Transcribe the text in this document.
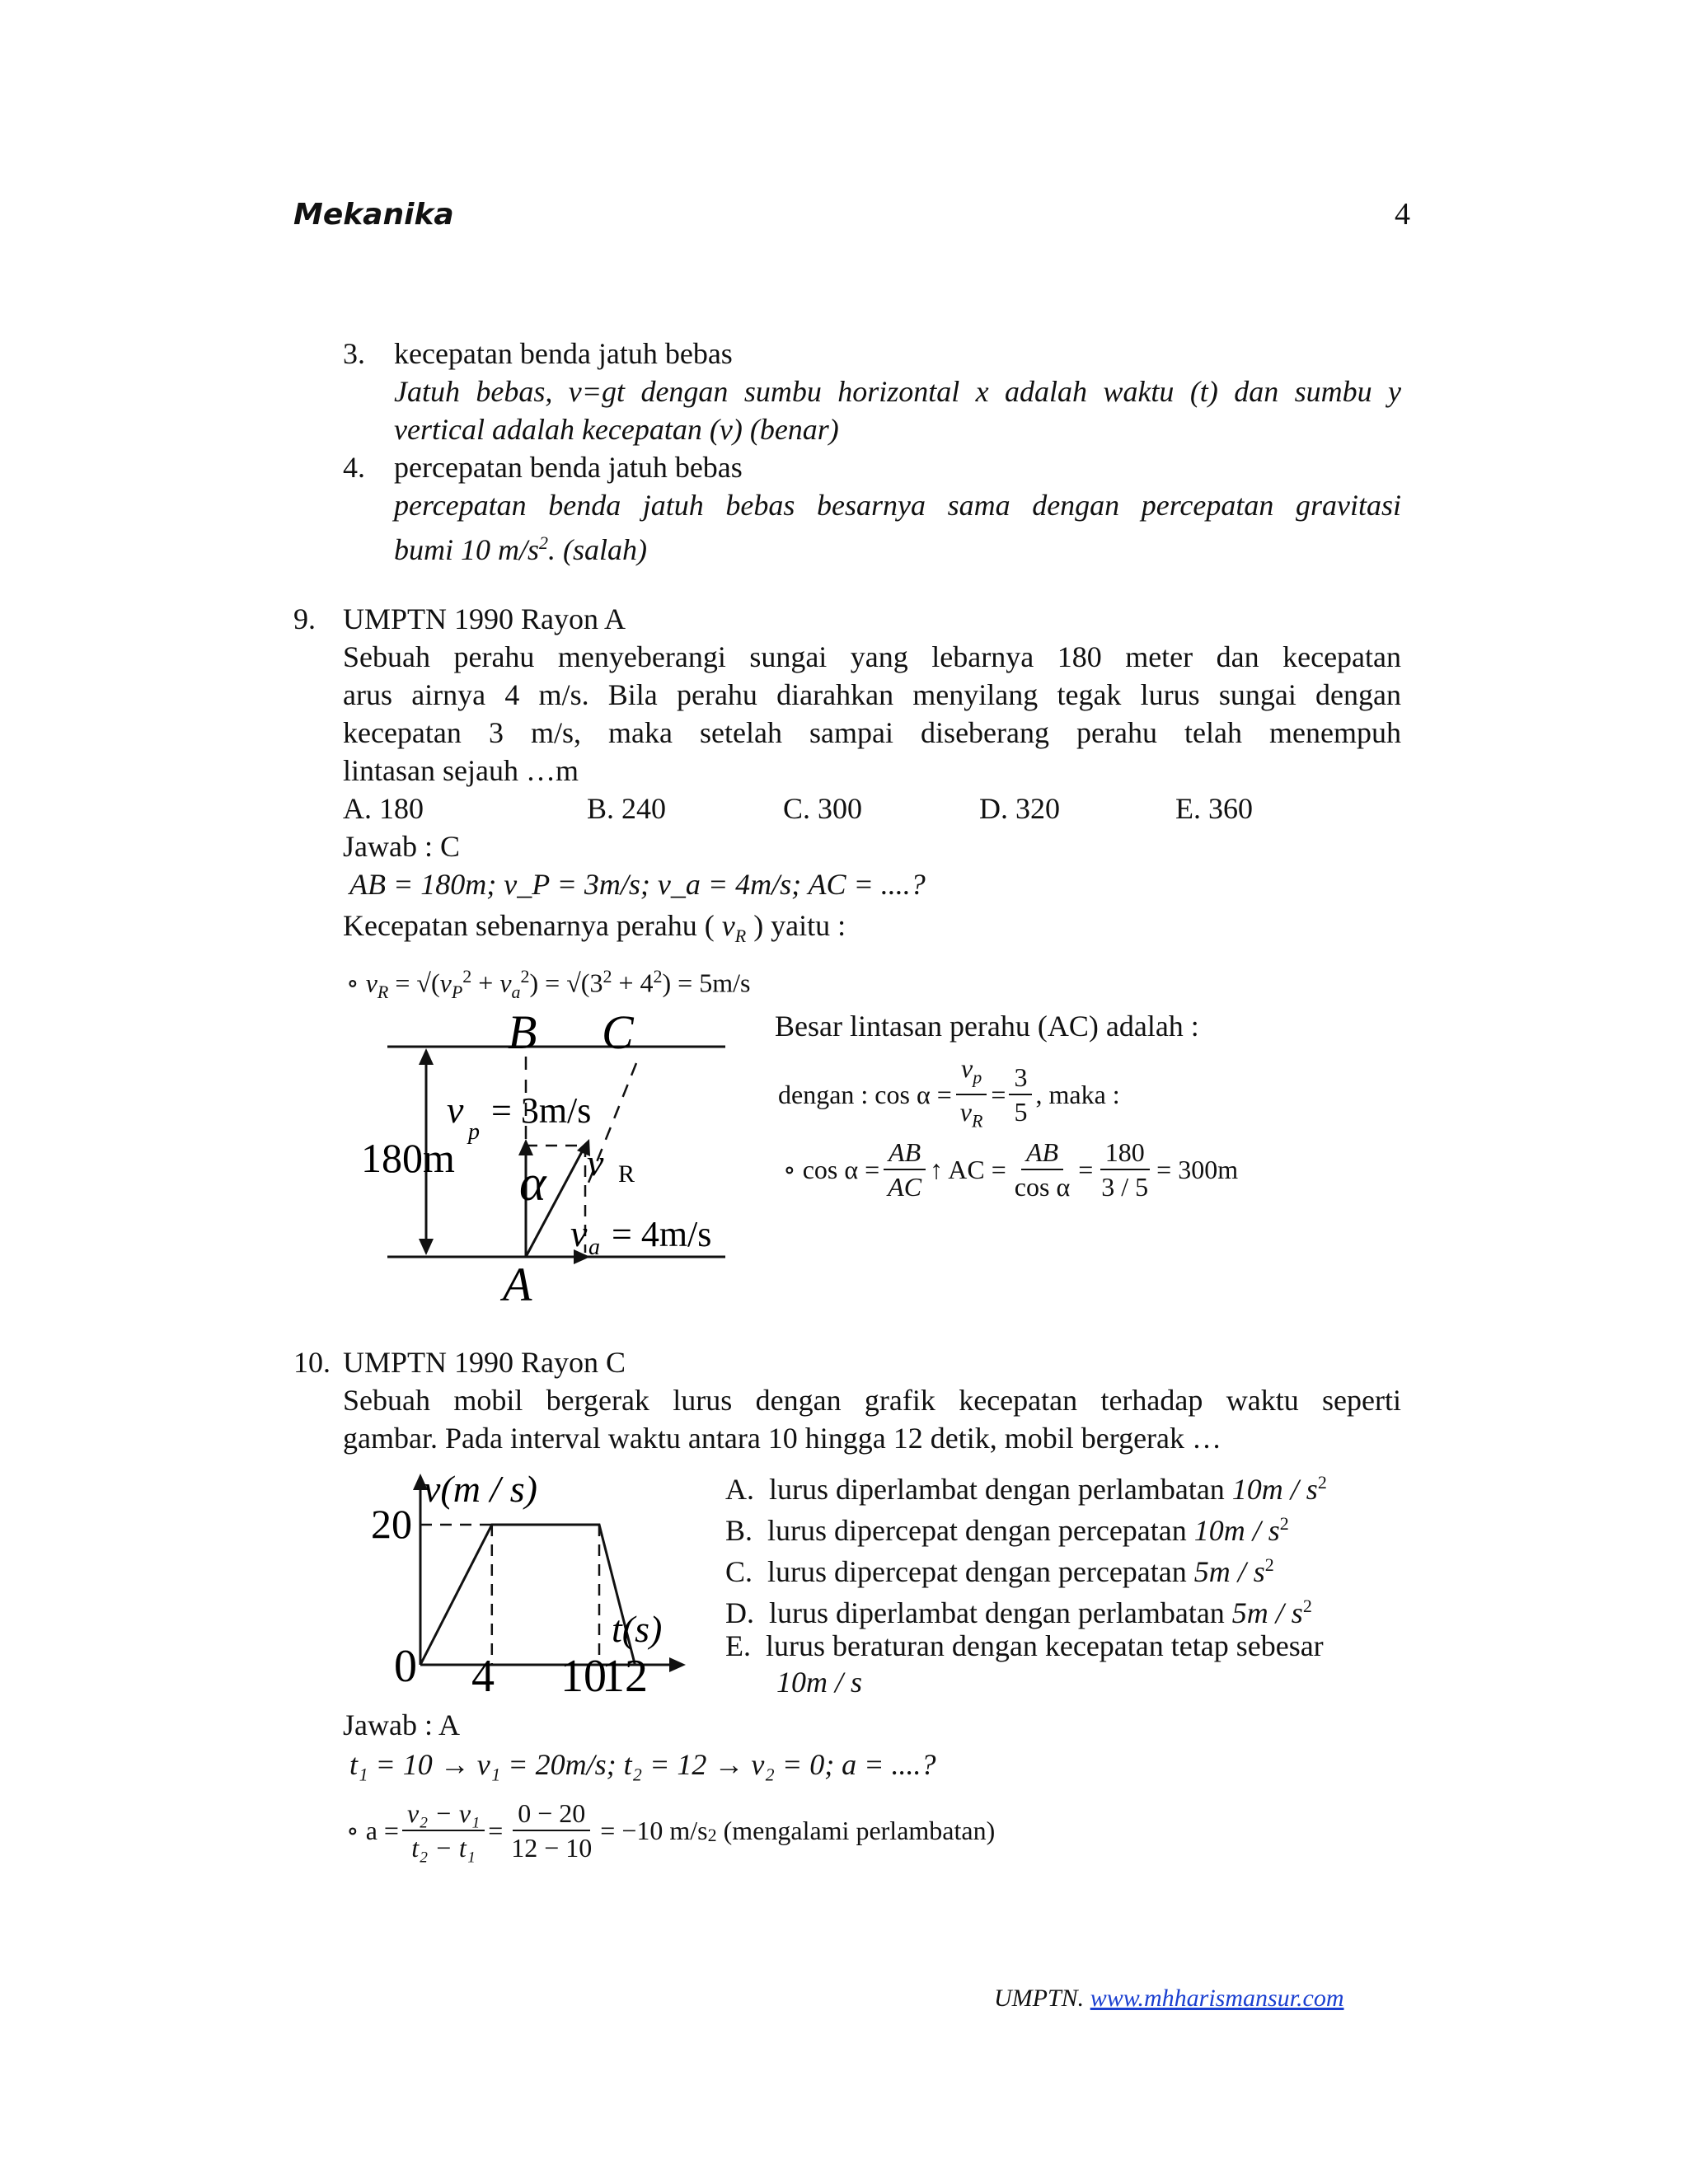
Mekanika	4
3. kecepatan benda jatuh bebas
Jatuh bebas, v=gt dengan sumbu horizontal x adalah waktu (t) dan sumbu y
vertical adalah kecepatan (v) (benar)
4. percepatan benda jatuh bebas
percepatan benda jatuh bebas besarnya sama dengan percepatan gravitasi
bumi 10 $m/s^2$. (salah)
9. UMPTN 1990 Rayon A
Sebuah perahu menyeberangi sungai yang lebarnya 180 meter dan kecepatan
arus airnya 4 m/s. Bila perahu diarahkan menyilang tegak lurus sungai dengan
kecepatan 3 m/s, maka setelah sampai diseberang perahu telah menempuh
lintasan sejauh …m
A. 180	B. 240	C. 300	D. 320	E. 360
Jawab : C
AB = 180m; v_P = 3m/s; v_a = 4m/s; AC = ....?
Kecepatan sebenarnya perahu ( $v_R$ ) yaitu :
∘ $v_R = √(v_P^2 + v_a^2) = √(3^2 + 4^2) = 5m/s$
B C
A
180m
v
p
= 3m/s
α v R
v a = 4m/s
Besar lintasan perahu (AC) adalah :
dengan : $\cos \alpha = \frac{v_p}{v_R} = \frac{3}{5}$ , maka :
∘ $\cos \alpha = \frac{AB}{AC}$ ↑ AC = $\frac{AB}{\text{cos α}} = \frac{180}{3 / 5} = 300m$
10. UMPTN 1990 Rayon C
Sebuah mobil bergerak lurus dengan grafik kecepatan terhadap waktu seperti
gambar. Pada interval waktu antara 10 hingga 12 detik, mobil bergerak …
v(m / s)
20
t(s)
0 4 10
12
A. lurus diperlambat dengan perlambatan $10m / s^2$
B. lurus dipercepat dengan percepatan $10m / s^2$
C. lurus dipercepat dengan percepatan $5m / s^2$
D. lurus diperlambat dengan perlambatan $5m / s^2$
E. lurus beraturan dengan kecepatan tetap sebesar
10m / s
Jawab : A
t₁ = 10 → v₁ = 20m/s; t₂ = 12 → v₂ = 0; a = ....?
∘ $a = \frac{\text{v₂ − v₁}}{\text{t₂ − t₁}} = \frac{0 - 20}{12 - 10} = -10$ m/s 2
(mengalami perlambatan)
UMPTN. www.mhharismansur.com
